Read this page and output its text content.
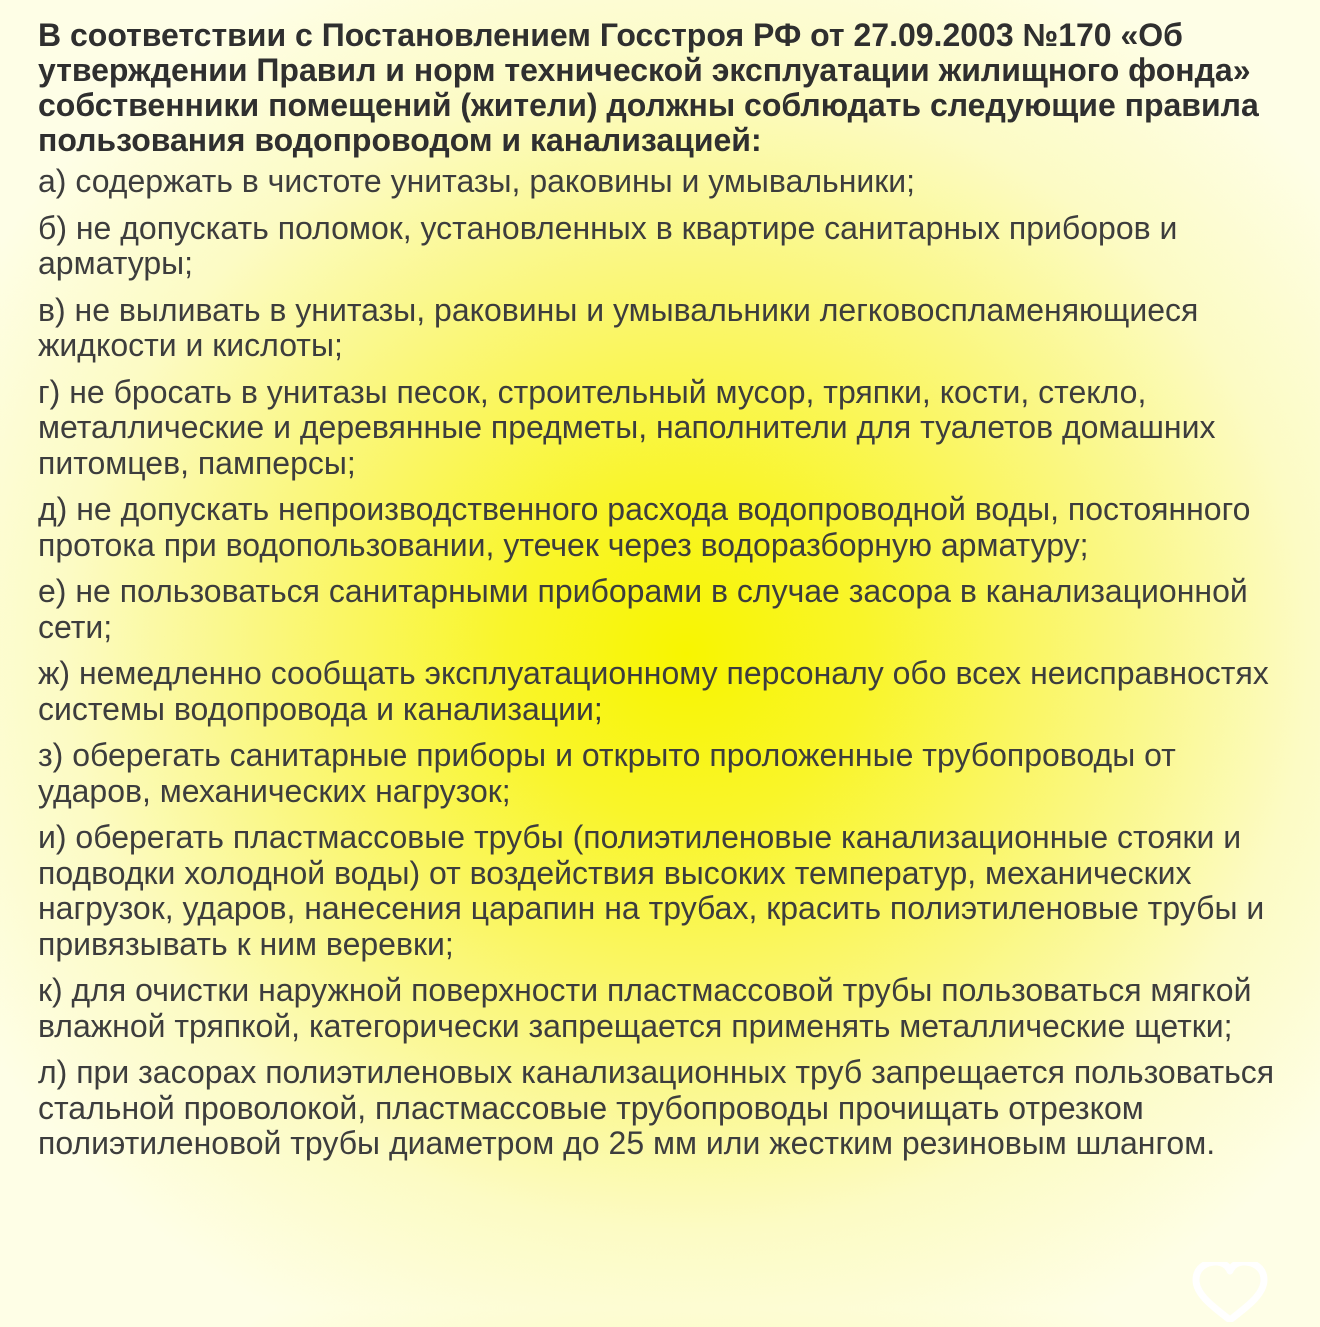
В соответствии с Постановлением Госстроя РФ от 27.09.2003 №170 «Об утверждении Правил и норм технической эксплуатации жилищного фонда» собственники помещений (жители) должны соблюдать следующие правила пользования водопроводом и канализацией:

а) содержать в чистоте унитазы, раковины и умывальники;

б) не допускать поломок, установленных в квартире санитарных приборов и арматуры;

в) не выливать в унитазы, раковины и умывальники легковоспламеняющиеся жидкости и кислоты;

г) не бросать в унитазы песок, строительный мусор, тряпки, кости, стекло, металлические и деревянные предметы, наполнители для туалетов домашних питомцев, памперсы;

д) не допускать непроизводственного расхода водопроводной воды, постоянного протока при водопользовании, утечек через водоразборную арматуру;

е) не пользоваться санитарными приборами в случае засора в канализационной сети;

ж) немедленно сообщать эксплуатационному персоналу обо всех неисправностях системы водопровода и канализации;

з) оберегать санитарные приборы и открыто проложенные трубопроводы от ударов, механических нагрузок;

и) оберегать пластмассовые трубы (полиэтиленовые канализационные стояки и подводки холодной воды) от воздействия высоких температур, механических нагрузок, ударов, нанесения царапин на трубах, красить полиэтиленовые трубы и привязывать к ним веревки;

к) для очистки наружной поверхности пластмассовой трубы пользоваться мягкой влажной тряпкой, категорически запрещается применять металлические щетки;

л) при засорах полиэтиленовых канализационных труб запрещается пользоваться стальной проволокой, пластмассовые трубопроводы прочищать отрезком полиэтиленовой трубы диаметром до 25 мм или жестким резиновым шлангом.
